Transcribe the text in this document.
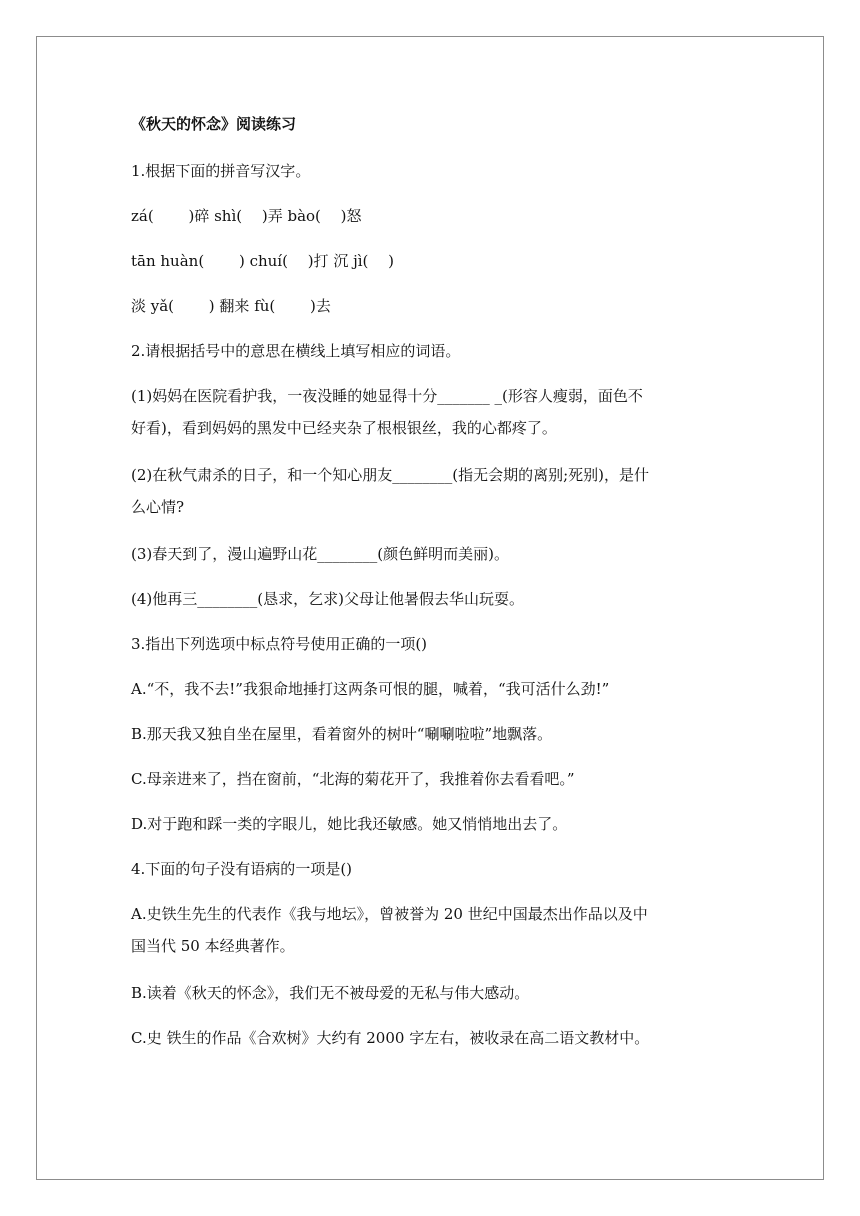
《秋天的怀念》阅读练习

1.根据下面的拼音写汉字。

zá(　　 )碎 shì(　 )弄 bào(　 )怒

tān huàn(　　 ) chuí(　 )打 沉 jì(　 )

淡 yǎ(　　 ) 翻来 fù(　　 )去

2.请根据括号中的意思在横线上填写相应的词语。

(1)妈妈在医院看护我，一夜没睡的她显得十分_______ _(形容人瘦弱，面色不

好看)，看到妈妈的黑发中已经夹杂了根根银丝，我的心都疼了。

(2)在秋气肃杀的日子，和一个知心朋友________(指无会期的离别;死别)，是什

么心情?

(3)春天到了，漫山遍野山花________(颜色鲜明而美丽)。

(4)他再三________(恳求，乞求)父母让他暑假去华山玩耍。

3.指出下列选项中标点符号使用正确的一项()

A.“不，我不去!”我狠命地捶打这两条可恨的腿，喊着，“我可活什么劲!”

B.那天我又独自坐在屋里，看着窗外的树叶“唰唰啦啦”地飘落。

C.母亲进来了，挡在窗前，“北海的菊花开了，我推着你去看看吧。”

D.对于跑和踩一类的字眼儿，她比我还敏感。她又悄悄地出去了。

4.下面的句子没有语病的一项是()

A.史铁生先生的代表作《我与地坛》，曾被誉为 20 世纪中国最杰出作品以及中

国当代 50 本经典著作。

B.读着《秋天的怀念》，我们无不被母爱的无私与伟大感动。

C.史 铁生的作品《合欢树》大约有 2000 字左右，被收录在高二语文教材中。
